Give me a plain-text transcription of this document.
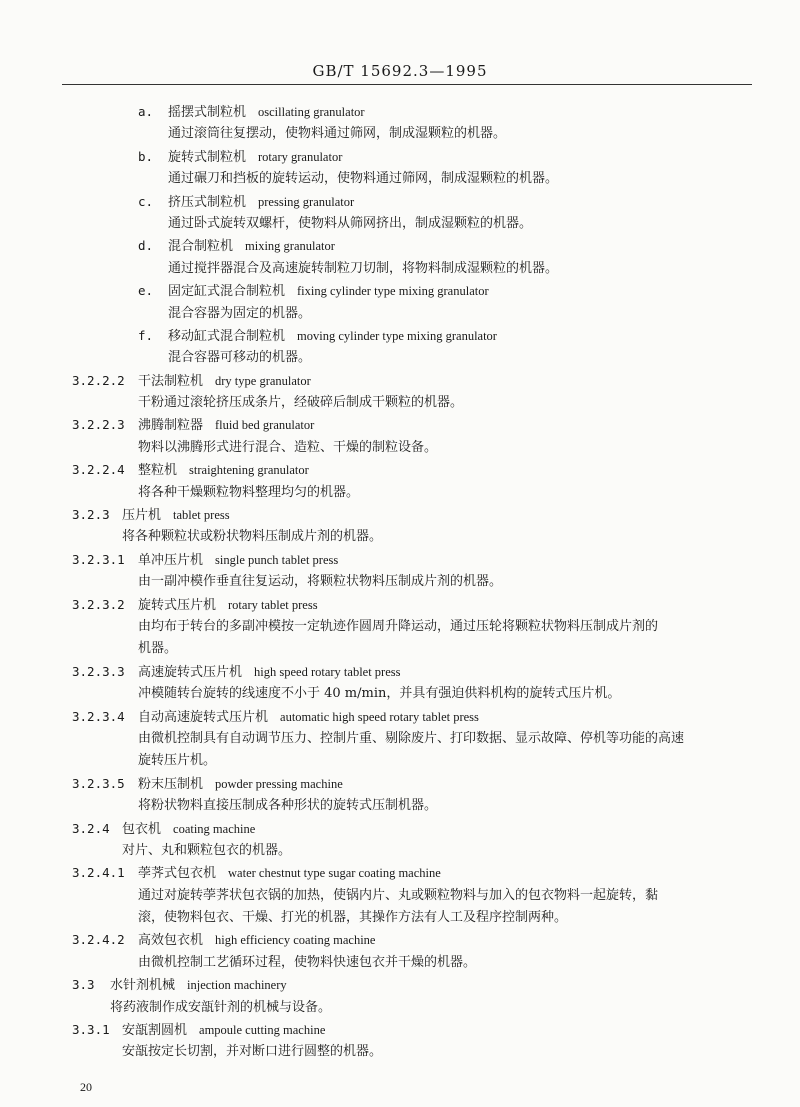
GB/T 15692.3—1995
a. 摇摆式制粒机 oscillating granulator
通过滚筒往复摆动，使物料通过筛网，制成湿颗粒的机器。
b. 旋转式制粒机 rotary granulator
通过碾刀和挡板的旋转运动，使物料通过筛网，制成湿颗粒的机器。
c. 挤压式制粒机 pressing granulator
通过卧式旋转双螺杆，使物料从筛网挤出，制成湿颗粒的机器。
d. 混合制粒机 mixing granulator
通过搅拌器混合及高速旋转制粒刀切制，将物料制成湿颗粒的机器。
e. 固定缸式混合制粒机 fixing cylinder type mixing granulator
混合容器为固定的机器。
f. 移动缸式混合制粒机 moving cylinder type mixing granulator
混合容器可移动的机器。
3.2.2.2 干法制粒机 dry type granulator
干粉通过滚轮挤压成条片，经破碎后制成干颗粒的机器。
3.2.2.3 沸腾制粒器 fluid bed granulator
物料以沸腾形式进行混合、造粒、干燥的制粒设备。
3.2.2.4 整粒机 straightening granulator
将各种干燥颗粒物料整理均匀的机器。
3.2.3 压片机 tablet press
将各种颗粒状或粉状物料压制成片剂的机器。
3.2.3.1 单冲压片机 single punch tablet press
由一副冲模作垂直往复运动，将颗粒状物料压制成片剂的机器。
3.2.3.2 旋转式压片机 rotary tablet press
由均布于转台的多副冲模按一定轨迹作圆周升降运动，通过压轮将颗粒状物料压制成片剂的
机器。
3.2.3.3 高速旋转式压片机 high speed rotary tablet press
冲模随转台旋转的线速度不小于 40 m/min，并具有强迫供料机构的旋转式压片机。
3.2.3.4 自动高速旋转式压片机 automatic high speed rotary tablet press
由微机控制具有自动调节压力、控制片重、剔除废片、打印数据、显示故障、停机等功能的高速
旋转压片机。
3.2.3.5 粉末压制机 powder pressing machine
将粉状物料直接压制成各种形状的旋转式压制机器。
3.2.4 包衣机 coating machine
对片、丸和颗粒包衣的机器。
3.2.4.1 荸荠式包衣机 water chestnut type sugar coating machine
通过对旋转荸荠状包衣锅的加热，使锅内片、丸或颗粒物料与加入的包衣物料一起旋转，黏
滚，使物料包衣、干燥、打光的机器，其操作方法有人工及程序控制两种。
3.2.4.2 高效包衣机 high efficiency coating machine
由微机控制工艺循环过程，使物料快速包衣并干燥的机器。
3.3 水针剂机械 injection machinery
将药液制作成安瓿针剂的机械与设备。
3.3.1 安瓿割圆机 ampoule cutting machine
安瓿按定长切割，并对断口进行圆整的机器。
20
